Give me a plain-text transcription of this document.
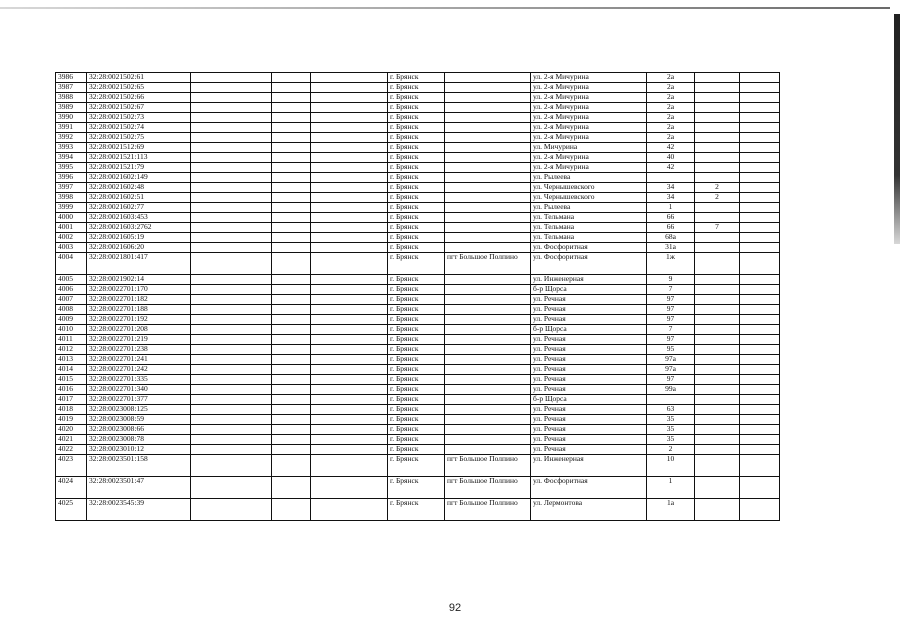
3986	32:28:0021502:61				г. Брянск		ул. 2-я Мичурина	2а		
3987	32:28:0021502:65				г. Брянск		ул. 2-я Мичурина	2а		
3988	32:28:0021502:66				г. Брянск		ул. 2-я Мичурина	2а		
3989	32:28:0021502:67				г. Брянск		ул. 2-я Мичурина	2а		
3990	32:28:0021502:73				г. Брянск		ул. 2-я Мичурина	2а		
3991	32:28:0021502:74				г. Брянск		ул. 2-я Мичурина	2а		
3992	32:28:0021502:75				г. Брянск		ул. 2-я Мичурина	2а		
3993	32:28:0021512:69				г. Брянск		ул. Мичурина	42		
3994	32:28:0021521:113				г. Брянск		ул. 2-я Мичурина	40		
3995	32:28:0021521:79				г. Брянск		ул. 2-я Мичурина	42		
3996	32:28:0021602:149				г. Брянск		ул. Рылеева			
3997	32:28:0021602:48				г. Брянск		ул. Чернышевского	34	2	
3998	32:28:0021602:51				г. Брянск		ул. Чернышевского	34	2	
3999	32:28:0021602:77				г. Брянск		ул. Рылеева	1		
4000	32:28:0021603:453				г. Брянск		ул. Тельмана	66		
4001	32:28:0021603:2762				г. Брянск		ул. Тельмана	66	7	
4002	32:28:0021605:19				г. Брянск		ул. Тельмана	68а		
4003	32:28:0021606:20				г. Брянск		ул. Фосфоритная	31а		
4004	32:28:0021801:417				г. Брянск	пгт Большое Полпино	ул. Фосфоритная	1ж		
4005	32:28:0021902:14				г. Брянск		ул. Инженерная	9		
4006	32:28:0022701:170				г. Брянск		б-р Щорса	7		
4007	32:28:0022701:182				г. Брянск		ул. Речная	97		
4008	32:28:0022701:188				г. Брянск		ул. Речная	97		
4009	32:28:0022701:192				г. Брянск		ул. Речная	97		
4010	32:28:0022701:208				г. Брянск		б-р Щорса	7		
4011	32:28:0022701:219				г. Брянск		ул. Речная	97		
4012	32:28:0022701:238				г. Брянск		ул. Речная	95		
4013	32:28:0022701:241				г. Брянск		ул. Речная	97а		
4014	32:28:0022701:242				г. Брянск		ул. Речная	97а		
4015	32:28:0022701:335				г. Брянск		ул. Речная	97		
4016	32:28:0022701:340				г. Брянск		ул. Речная	99а		
4017	32:28:0022701:377				г. Брянск		б-р Щорса			
4018	32:28:0023008:125				г. Брянск		ул. Речная	63		
4019	32:28:0023008:59				г. Брянск		ул. Речная	35		
4020	32:28:0023008:66				г. Брянск		ул. Речная	35		
4021	32:28:0023008:78				г. Брянск		ул. Речная	35		
4022	32:28:0023010:12				г. Брянск		ул. Речная	2		
4023	32:28:0023501:158				г. Брянск	пгт Большое Полпино	ул. Инженерная	10		
4024	32:28:0023501:47				г. Брянск	пгт Большое Полпино	ул. Фосфоритная	1		
4025	32:28:0023545:39				г. Брянск	пгт Большое Полпино	ул. Лермонтова	1а		
92
